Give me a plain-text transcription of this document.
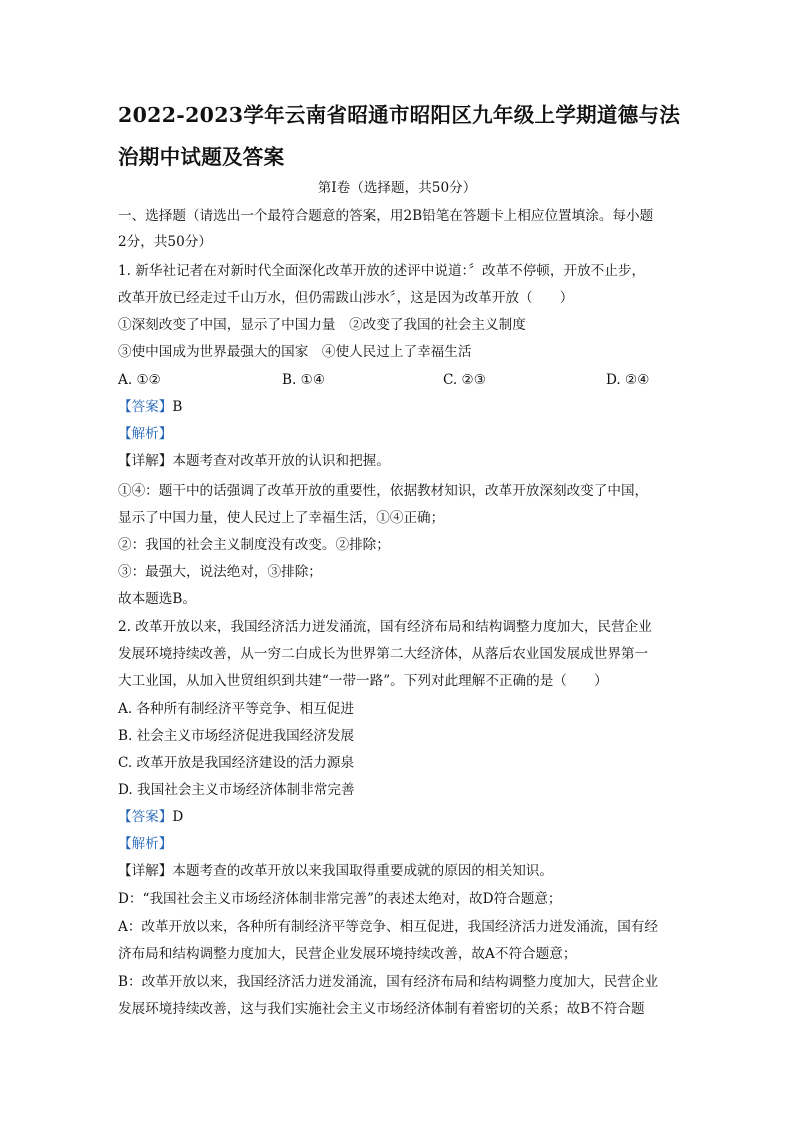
2022-2023学年云南省昭通市昭阳区九年级上学期道德与法
治期中试题及答案
第Ⅰ卷（选择题，共50分）
一、选择题（请选出一个最符合题意的答案，用2B铅笔在答题卡上相应位置填涂。每小题
2分，共50分）
1. 新华社记者在对新时代全面深化改革开放的述评中说道：〞改革不停顿，开放不止步，
改革开放已经走过千山万水，但仍需跋山涉水〞，这是因为改革开放（　　）
①深刻改变了中国，显示了中国力量　②改变了我国的社会主义制度
③使中国成为世界最强大的国家　④使人民过上了幸福生活
A. ①②	B. ①④	C. ②③	D. ②④
【答案】B
【解析】
【详解】本题考查对改革开放的认识和把握。
①④：题干中的话强调了改革开放的重要性，依据教材知识，改革开放深刻改变了中国，
显示了中国力量，使人民过上了幸福生活，①④正确；
②：我国的社会主义制度没有改变。②排除；
③：最强大，说法绝对，③排除；
故本题选B。
2. 改革开放以来，我国经济活力迸发涌流，国有经济布局和结构调整力度加大，民营企业
发展环境持续改善，从一穷二白成长为世界第二大经济体，从落后农业国发展成世界第一
大工业国，从加入世贸组织到共建“一带一路”。下列对此理解不正确的是（　　）
A. 各种所有制经济平等竞争、相互促进
B. 社会主义市场经济促进我国经济发展
C. 改革开放是我国经济建设的活力源泉
D. 我国社会主义市场经济体制非常完善
【答案】D
【解析】
【详解】本题考查的改革开放以来我国取得重要成就的原因的相关知识。
D：“我国社会主义市场经济体制非常完善”的表述太绝对，故D符合题意；
A：改革开放以来，各种所有制经济平等竞争、相互促进，我国经济活力迸发涌流，国有经
济布局和结构调整力度加大，民营企业发展环境持续改善，故A不符合题意；
B：改革开放以来，我国经济活力迸发涌流，国有经济布局和结构调整力度加大，民营企业
发展环境持续改善，这与我们实施社会主义市场经济体制有着密切的关系；故B不符合题
